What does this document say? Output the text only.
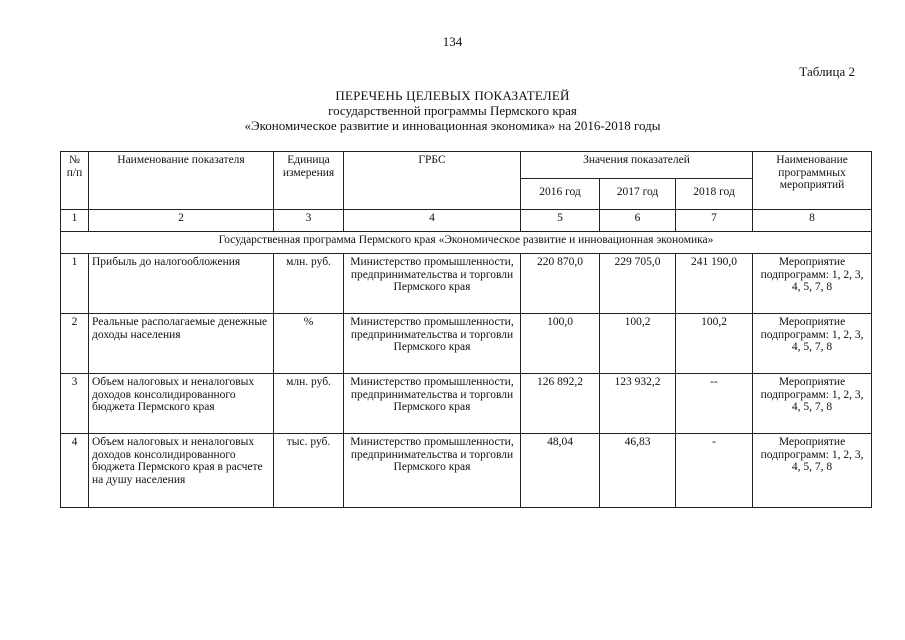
134
Таблица 2
ПЕРЕЧЕНЬ ЦЕЛЕВЫХ ПОКАЗАТЕЛЕЙ
государственной программы Пермского края
«Экономическое развитие и инновационная экономика» на 2016-2018 годы
№ п/п	Наименование показателя	Единица измерения	ГРБС	Значения показателей			Наименование программных мероприятий
				2016 год	2017 год	2018 год	
1	2	3	4	5	6	7	8
Государственная программа Пермского края «Экономическое развитие и инновационная экономика»							
1	Прибыль до налогообложения	млн. руб.	Министерство промышленности, предпринимательства и торговли Пермского края	220 870,0	229 705,0	241 190,0	Мероприятие подпрограмм: 1, 2, 3, 4, 5, 7, 8
2	Реальные располагаемые денежные доходы населения	%	Министерство промышленности, предпринимательства и торговли Пермского края	100,0	100,2	100,2	Мероприятие подпрограмм: 1, 2, 3, 4, 5, 7, 8
3	Объем налоговых и неналоговых доходов консолидированного бюджета Пермского края	млн. руб.	Министерство промышленности, предпринимательства и торговли Пермского края	126 892,2	123 932,2	--	Мероприятие подпрограмм: 1, 2, 3, 4, 5, 7, 8
4	Объем налоговых и неналоговых доходов консолидированного бюджета Пермского края в расчете на душу населения	тыс. руб.	Министерство промышленности, предпринимательства и торговли Пермского края	48,04	46,83	-	Мероприятие подпрограмм: 1, 2, 3, 4, 5, 7, 8
